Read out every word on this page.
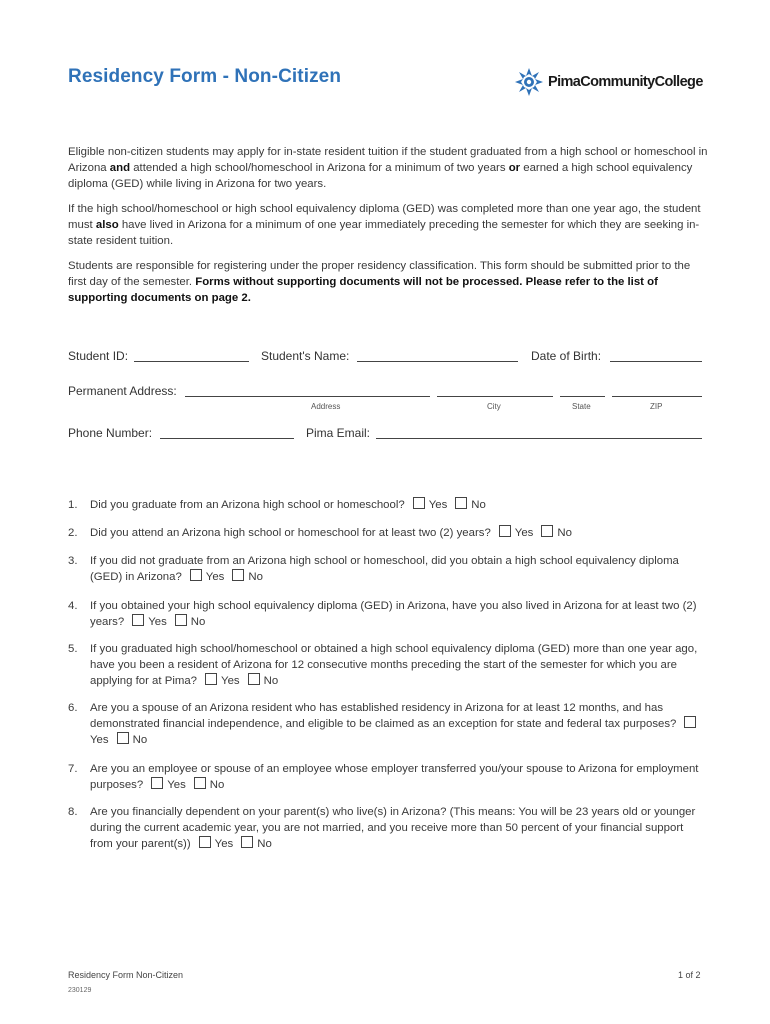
Residency Form - Non-Citizen	PimaCommunityCollege

Eligible non-citizen students may apply for in-state resident tuition if the student graduated from a high school or homeschool in Arizona and attended a high school/homeschool in Arizona for a minimum of two years or earned a high school equivalency diploma (GED) while living in Arizona for two years.

If the high school/homeschool or high school equivalency diploma (GED) was completed more than one year ago, the student must also have lived in Arizona for a minimum of one year immediately preceding the semester for which they are seeking in-state resident tuition.

Students are responsible for registering under the proper residency classification. This form should be submitted prior to the first day of the semester. Forms without supporting documents will not be processed. Please refer to the list of supporting documents on page 2.

Student ID:	Student's Name:	Date of Birth:
Permanent Address:
Address	City	State	ZIP
Phone Number:	Pima Email:
1. Did you graduate from an Arizona high school or homeschool? Yes No
2. Did you attend an Arizona high school or homeschool for at least two (2) years? Yes No
3. If you did not graduate from an Arizona high school or homeschool, did you obtain a high school equivalency diploma (GED) in Arizona? Yes No
4. If you obtained your high school equivalency diploma (GED) in Arizona, have you also lived in Arizona for at least two (2) years? Yes No
5. If you graduated high school/homeschool or obtained a high school equivalency diploma (GED) more than one year ago, have you been a resident of Arizona for 12 consecutive months preceding the start of the semester for which you are applying for at Pima? Yes No
6. Are you a spouse of an Arizona resident who has established residency in Arizona for at least 12 months, and has demonstrated financial independence, and eligible to be claimed as an exception for state and federal tax purposes?Yes No
7. Are you an employee or spouse of an employee whose employer transferred you/your spouse to Arizona for employment purposes? Yes No
8. Are you financially dependent on your parent(s) who live(s) in Arizona? (This means: You will be 23 years old or younger during the current academic year, you are not married, and you receive more than 50 percent of your financial support from your parent(s)) Yes No
Residency Form Non-Citizen
230129
1 of 2
